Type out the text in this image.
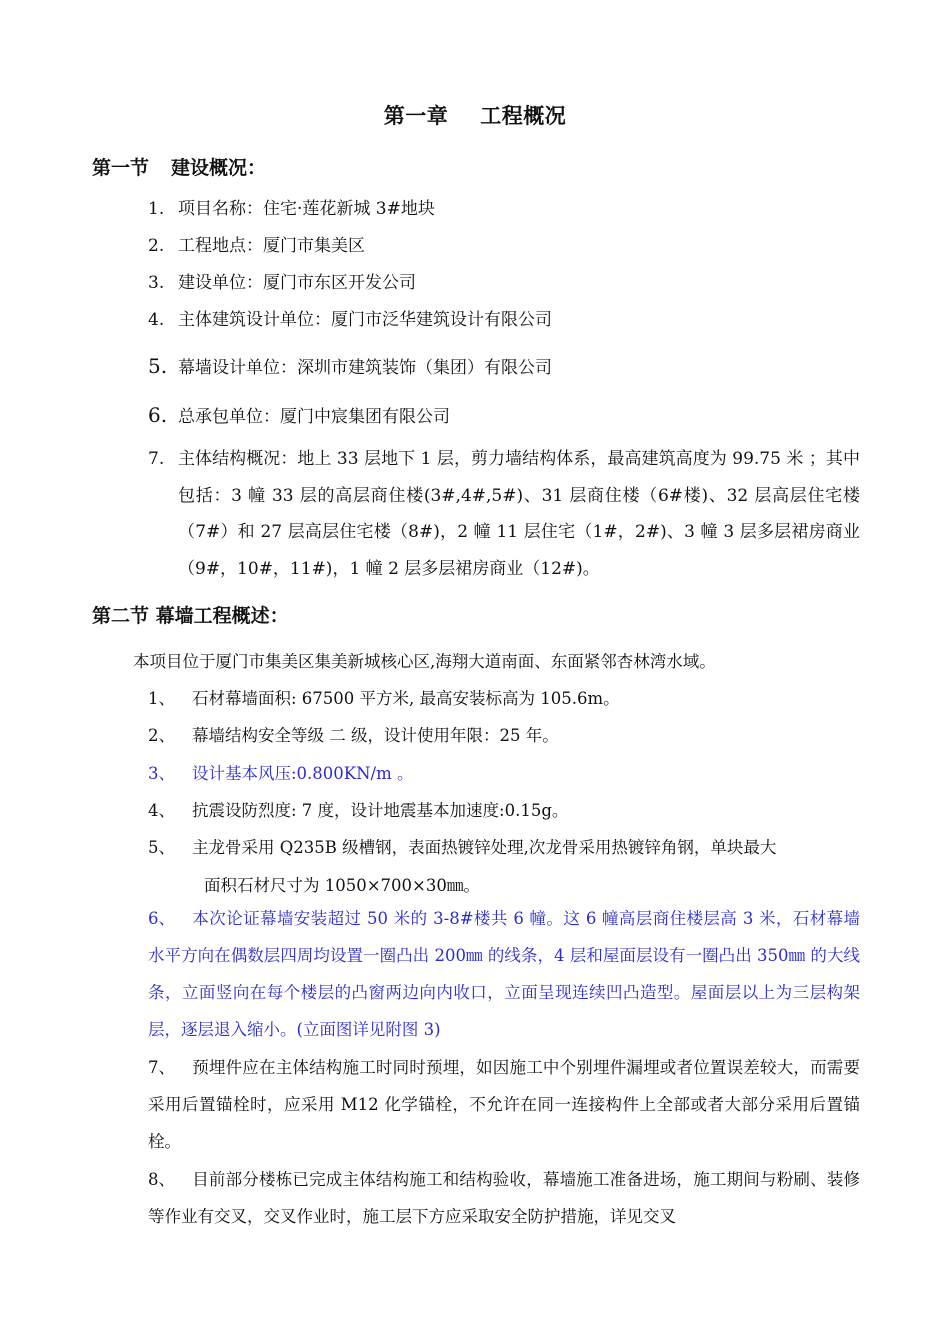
第一章 工程概况
第一节 建设概况：
1. 项目名称：住宅·莲花新城 3#地块
2. 工程地点：厦门市集美区
3. 建设单位：厦门市东区开发公司
4. 主体建筑设计单位：厦门市泛华建筑设计有限公司
5. 幕墙设计单位：深圳市建筑装饰（集团）有限公司
6. 总承包单位：厦门中宸集团有限公司
7. 主体结构概况：地上 33 层地下 1 层，剪力墙结构体系，最高建筑高度为 99.75 米 ；其中包括：3 幢 33 层的高层商住楼(3#,4#,5#)、31 层商住楼（6#楼)、32 层高层住宅楼（7#）和 27 层高层住宅楼（8#)，2 幢 11 层住宅（1#，2#)、3 幢 3 层多层裙房商业（9#，10#，11#)，1 幢 2 层多层裙房商业（12#)。
第二节 幕墙工程概述：
本项目位于厦门市集美区集美新城核心区,海翔大道南面、东面紧邻杏林湾水域。
1、 石材幕墙面积: 67500 平方米, 最高安装标高为 105.6m。
2、 幕墙结构安全等级 二 级，设计使用年限：25 年。
3、 设计基本风压:0.800KN/m 。
4、 抗震设防烈度: 7 度，设计地震基本加速度:0.15g。
5、 主龙骨采用 Q235B 级槽钢，表面热镀锌处理,次龙骨采用热镀锌角钢，单块最大
面积石材尺寸为 1050×700×30㎜。
6、 本次论证幕墙安装超过 50 米的 3-8#楼共 6 幢。这 6 幢高层商住楼层高 3 米，石材幕墙水平方向在偶数层四周均设置一圈凸出 200㎜ 的线条，4 层和屋面层设有一圈凸出 350㎜ 的大线条，立面竖向在每个楼层的凸窗两边向内收口，立面呈现连续凹凸造型。屋面层以上为三层构架层，逐层退入缩小。(立面图详见附图 3)
7、 预埋件应在主体结构施工时同时预埋，如因施工中个别埋件漏埋或者位置误差较大，而需要采用后置锚栓时，应采用 M12 化学锚栓，不允许在同一连接构件上全部或者大部分采用后置锚栓。
8、 目前部分楼栋已完成主体结构施工和结构验收，幕墙施工准备进场，施工期间与粉刷、装修等作业有交叉，交叉作业时，施工层下方应采取安全防护措施，详见交叉
